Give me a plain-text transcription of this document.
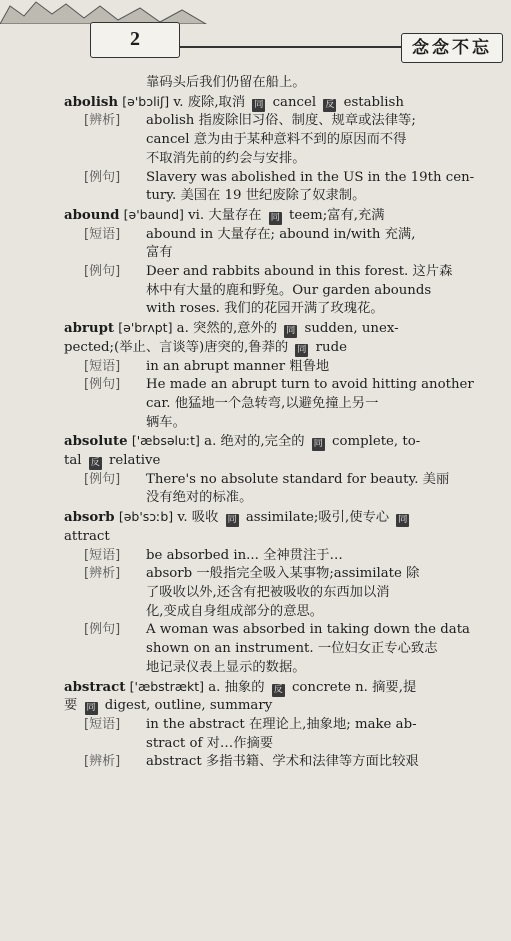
2	念念不忘
靠码头后我们仍留在船上。
abolish [ə'bɔliʃ] v. 废除,取消 同 cancel 反 establish
[辨析] abolish 指废除旧习俗、制度、规章或法律等;
cancel 意为由于某种意料不到的原因而不得
不取消先前的约会与安排。
[例句] Slavery was abolished in the US in the 19th cen-
tury. 美国在 19 世纪废除了奴隶制。
abound [ə'baund] vi. 大量存在 同 teem;富有,充满
[短语] abound in 大量存在; abound in/with 充满,
富有
[例句] Deer and rabbits abound in this forest. 这片森
林中有大量的鹿和野兔。Our garden abounds
with roses. 我们的花园开满了玫瑰花。
abrupt [ə'brʌpt] a. 突然的,意外的 同 sudden, unex-
pected;(举止、言谈等)唐突的,鲁莽的 同 rude
[短语] in an abrupt manner 粗鲁地
[例句] He made an abrupt turn to avoid hitting another
car. 他猛地一个急转弯,以避免撞上另一
辆车。
absolute ['æbsəluːt] a. 绝对的,完全的 同 complete, to-
tal 反 relative
[例句] There's no absolute standard for beauty. 美丽
没有绝对的标准。
absorb [əb'sɔːb] v. 吸收 同 assimilate;吸引,使专心 同
attract
[短语] be absorbed in... 全神贯注于…
[辨析] absorb 一般指完全吸入某事物;assimilate 除
了吸收以外,还含有把被吸收的东西加以消
化,变成自身组成部分的意思。
[例句] A woman was absorbed in taking down the data
shown on an instrument. 一位妇女正专心致志
地记录仪表上显示的数据。
abstract ['æbstrækt] a. 抽象的 反 concrete n. 摘要,提
要 同 digest, outline, summary
[短语] in the abstract 在理论上,抽象地; make ab-
stract of 对…作摘要
[辨析] abstract 多指书籍、学术和法律等方面比较艰
